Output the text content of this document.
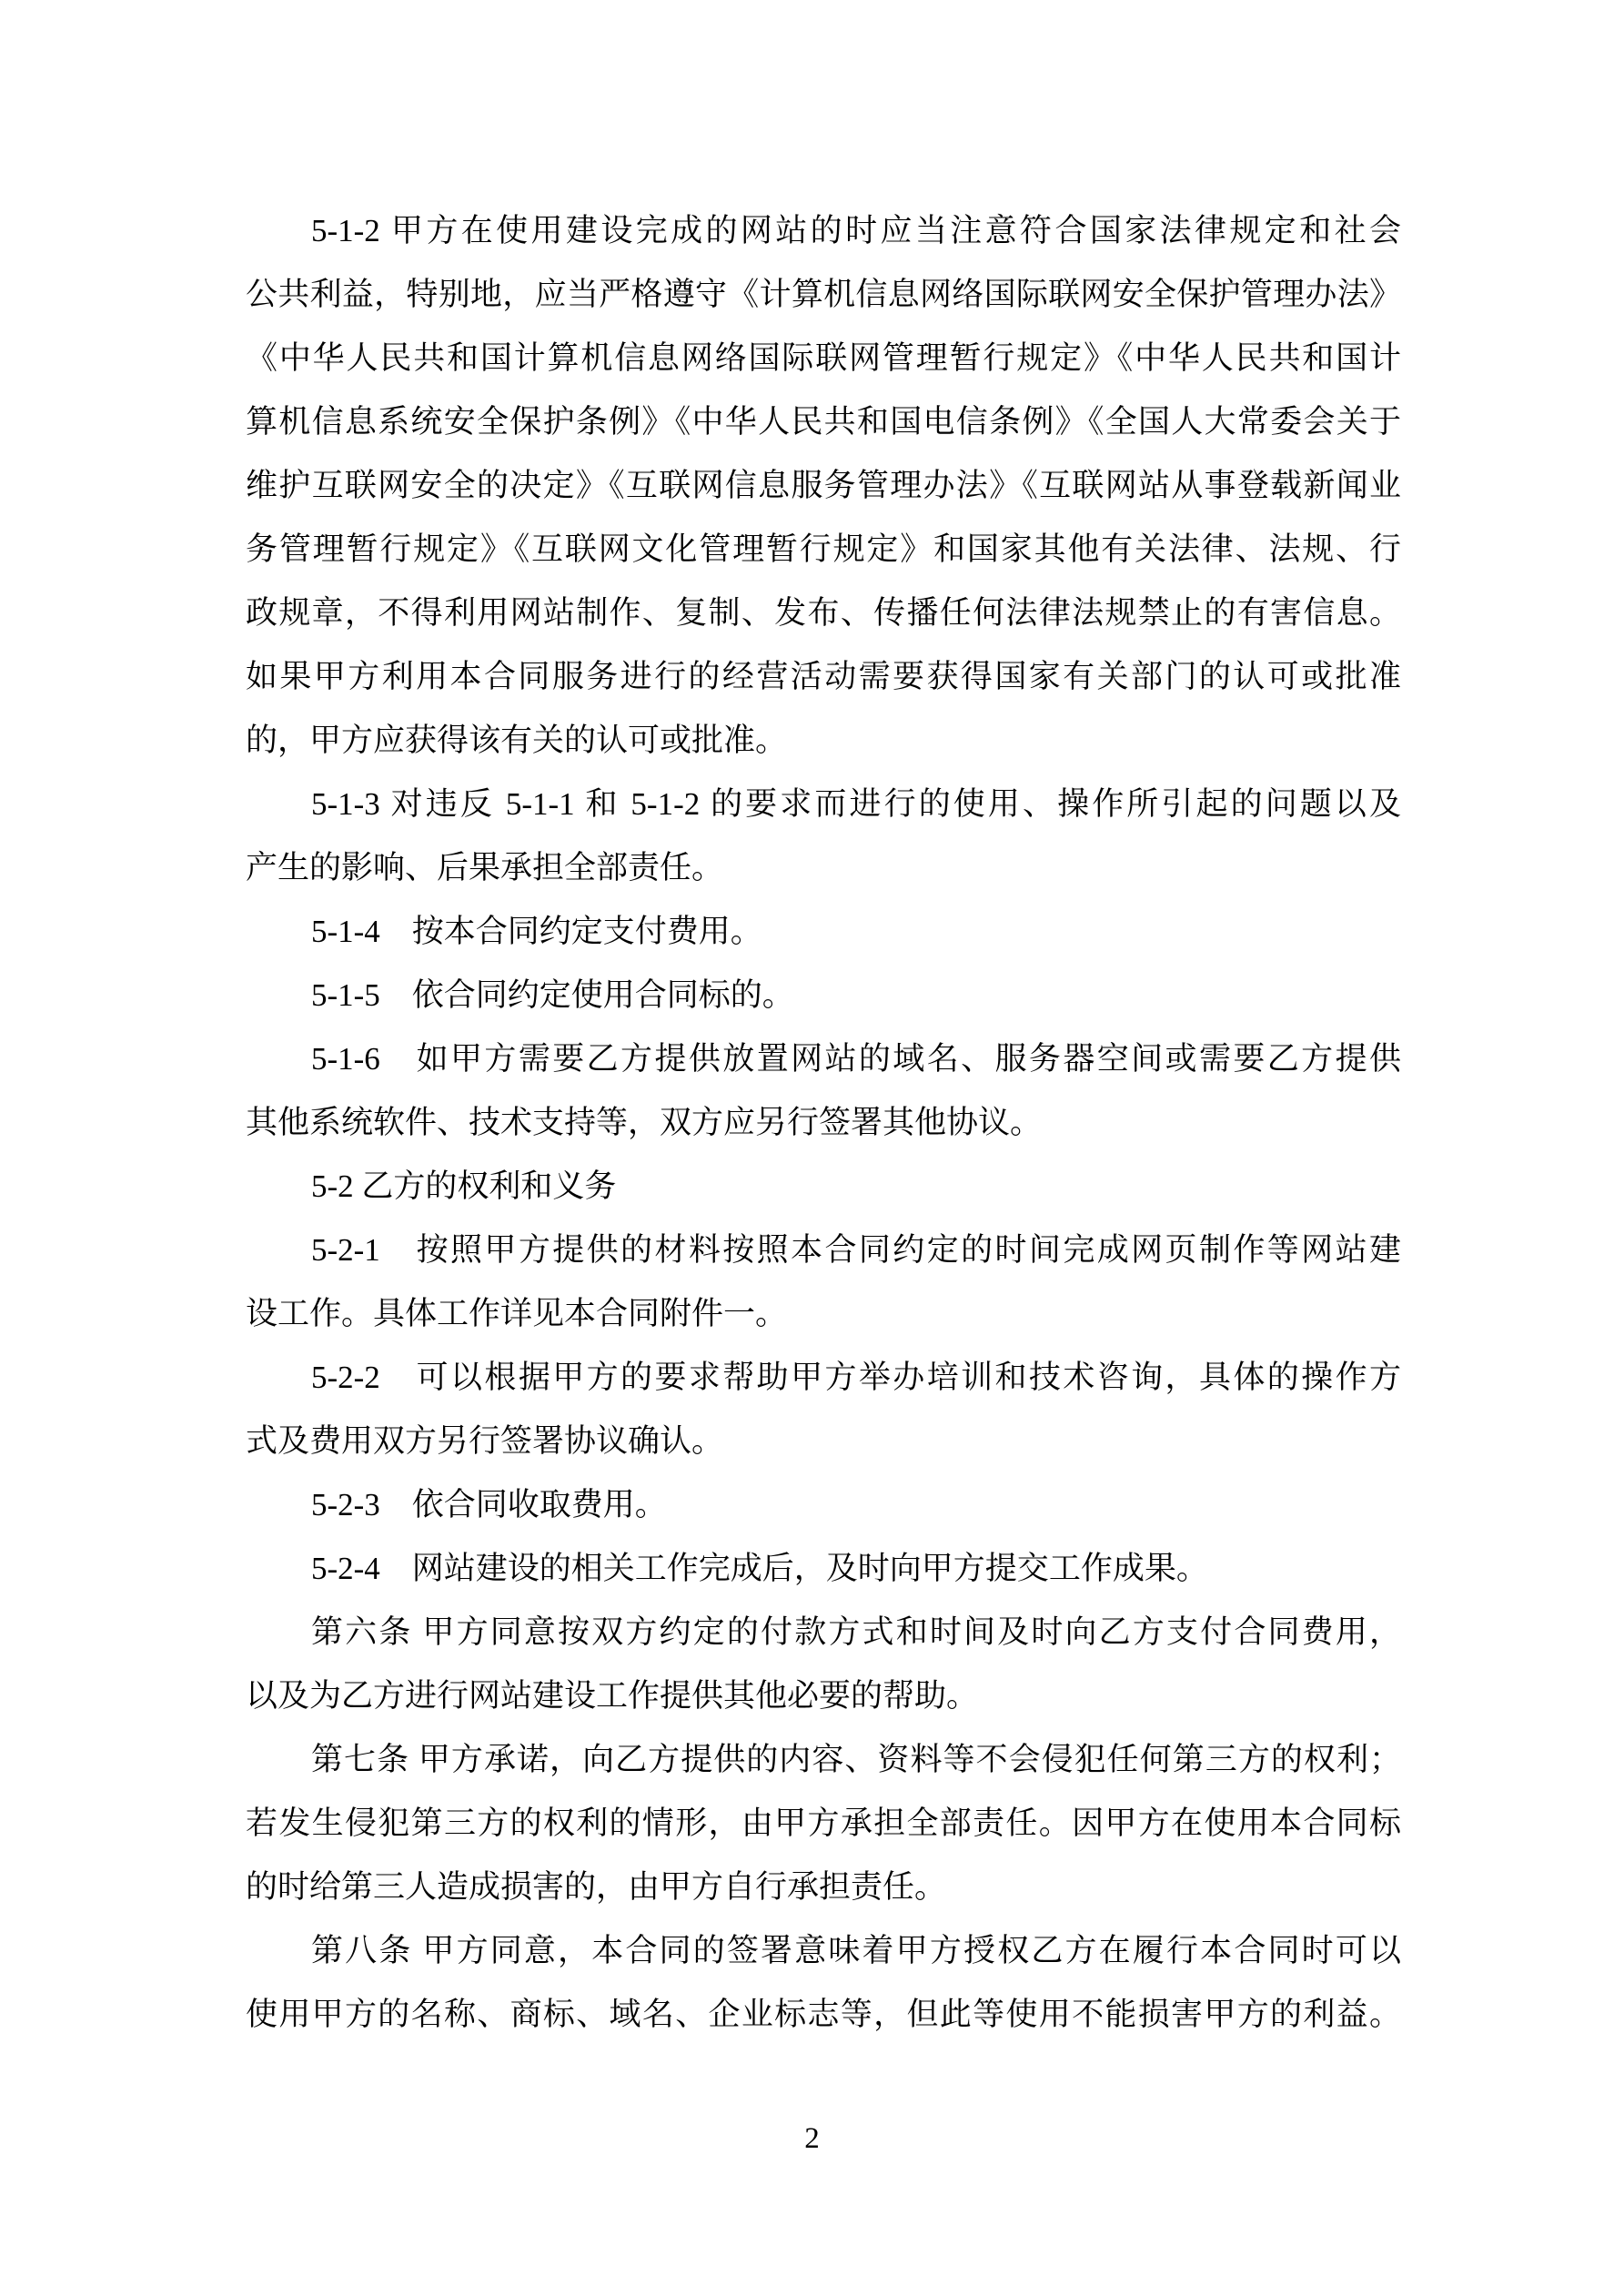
5-1-2 甲方在使用建设完成的网站的时应当注意符合国家法律规定和社会
公共利益，特别地，应当严格遵守《计算机信息网络国际联网安全保护管理办法》
《中华人民共和国计算机信息网络国际联网管理暂行规定》《中华人民共和国计
算机信息系统安全保护条例》《中华人民共和国电信条例》《全国人大常委会关于
维护互联网安全的决定》《互联网信息服务管理办法》《互联网站从事登载新闻业
务管理暂行规定》《互联网文化管理暂行规定》和国家其他有关法律、法规、行
政规章，不得利用网站制作、复制、发布、传播任何法律法规禁止的有害信息。
如果甲方利用本合同服务进行的经营活动需要获得国家有关部门的认可或批准
的，甲方应获得该有关的认可或批准。
5-1-3 对违反 5-1-1 和 5-1-2 的要求而进行的使用、操作所引起的问题以及
产生的影响、后果承担全部责任。
5-1-4　按本合同约定支付费用。
5-1-5　依合同约定使用合同标的。
5-1-6　如甲方需要乙方提供放置网站的域名、服务器空间或需要乙方提供
其他系统软件、技术支持等，双方应另行签署其他协议。
5-2 乙方的权利和义务
5-2-1　按照甲方提供的材料按照本合同约定的时间完成网页制作等网站建
设工作。具体工作详见本合同附件一。
5-2-2　可以根据甲方的要求帮助甲方举办培训和技术咨询，具体的操作方
式及费用双方另行签署协议确认。
5-2-3　依合同收取费用。
5-2-4　网站建设的相关工作完成后，及时向甲方提交工作成果。
第六条 甲方同意按双方约定的付款方式和时间及时向乙方支付合同费用，
以及为乙方进行网站建设工作提供其他必要的帮助。
第七条 甲方承诺，向乙方提供的内容、资料等不会侵犯任何第三方的权利；
若发生侵犯第三方的权利的情形，由甲方承担全部责任。因甲方在使用本合同标
的时给第三人造成损害的，由甲方自行承担责任。
第八条 甲方同意，本合同的签署意味着甲方授权乙方在履行本合同时可以
使用甲方的名称、商标、域名、企业标志等，但此等使用不能损害甲方的利益。
2
